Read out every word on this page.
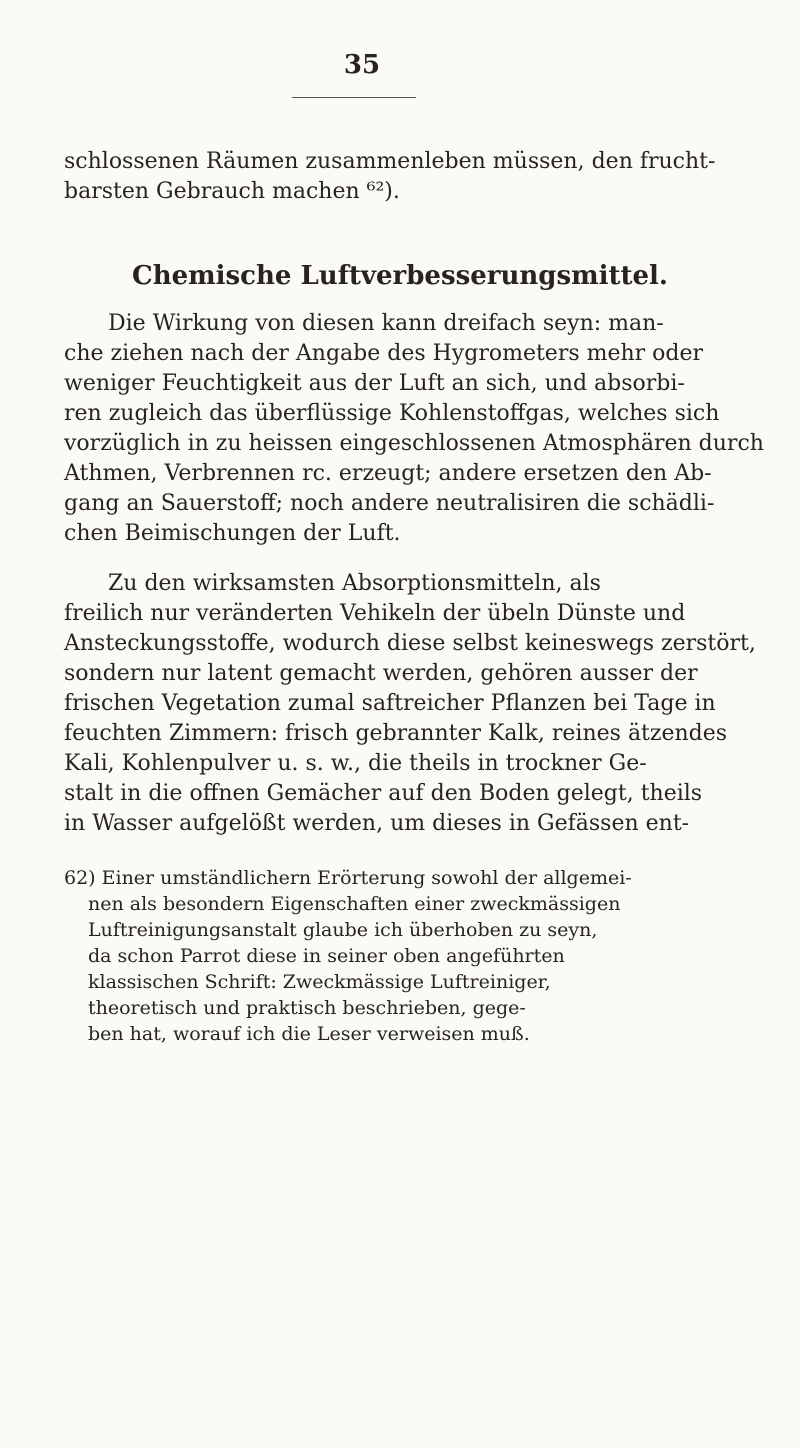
35
schlossenen Räumen zusammenleben müssen, den frucht-
barsten Gebrauch machen ⁶²).
Chemische Luftverbesserungsmittel.
Die Wirkung von diesen kann dreifach seyn: man-
che ziehen nach der Angabe des Hygrometers mehr oder
weniger Feuchtigkeit aus der Luft an sich, und absorbi-
ren zugleich das überflüssige Kohlenstoffgas, welches sich
vorzüglich in zu heissen eingeschlossenen Atmosphären durch
Athmen, Verbrennen rc. erzeugt; andere ersetzen den Ab-
gang an Sauerstoff; noch andere neutralisiren die schädli-
chen Beimischungen der Luft.
Zu den wirksamsten Absorptionsmitteln, als
freilich nur veränderten Vehikeln der übeln Dünste und
Ansteckungsstoffe, wodurch diese selbst keineswegs zerstört,
sondern nur latent gemacht werden, gehören ausser der
frischen Vegetation zumal saftreicher Pflanzen bei Tage in
feuchten Zimmern: frisch gebrannter Kalk, reines ätzendes
Kali, Kohlenpulver u. s. w., die theils in trockner Ge-
stalt in die offnen Gemächer auf den Boden gelegt, theils
in Wasser aufgelößt werden, um dieses in Gefässen ent-
62) Einer umständlichern Erörterung sowohl der allgemei-
nen als besondern Eigenschaften einer zweckmässigen
Luftreinigungsanstalt glaube ich überhoben zu seyn,
da schon Parrot diese in seiner oben angeführten
klassischen Schrift: Zweckmässige Luftreiniger,
theoretisch und praktisch beschrieben, gege-
ben hat, worauf ich die Leser verweisen muß.
